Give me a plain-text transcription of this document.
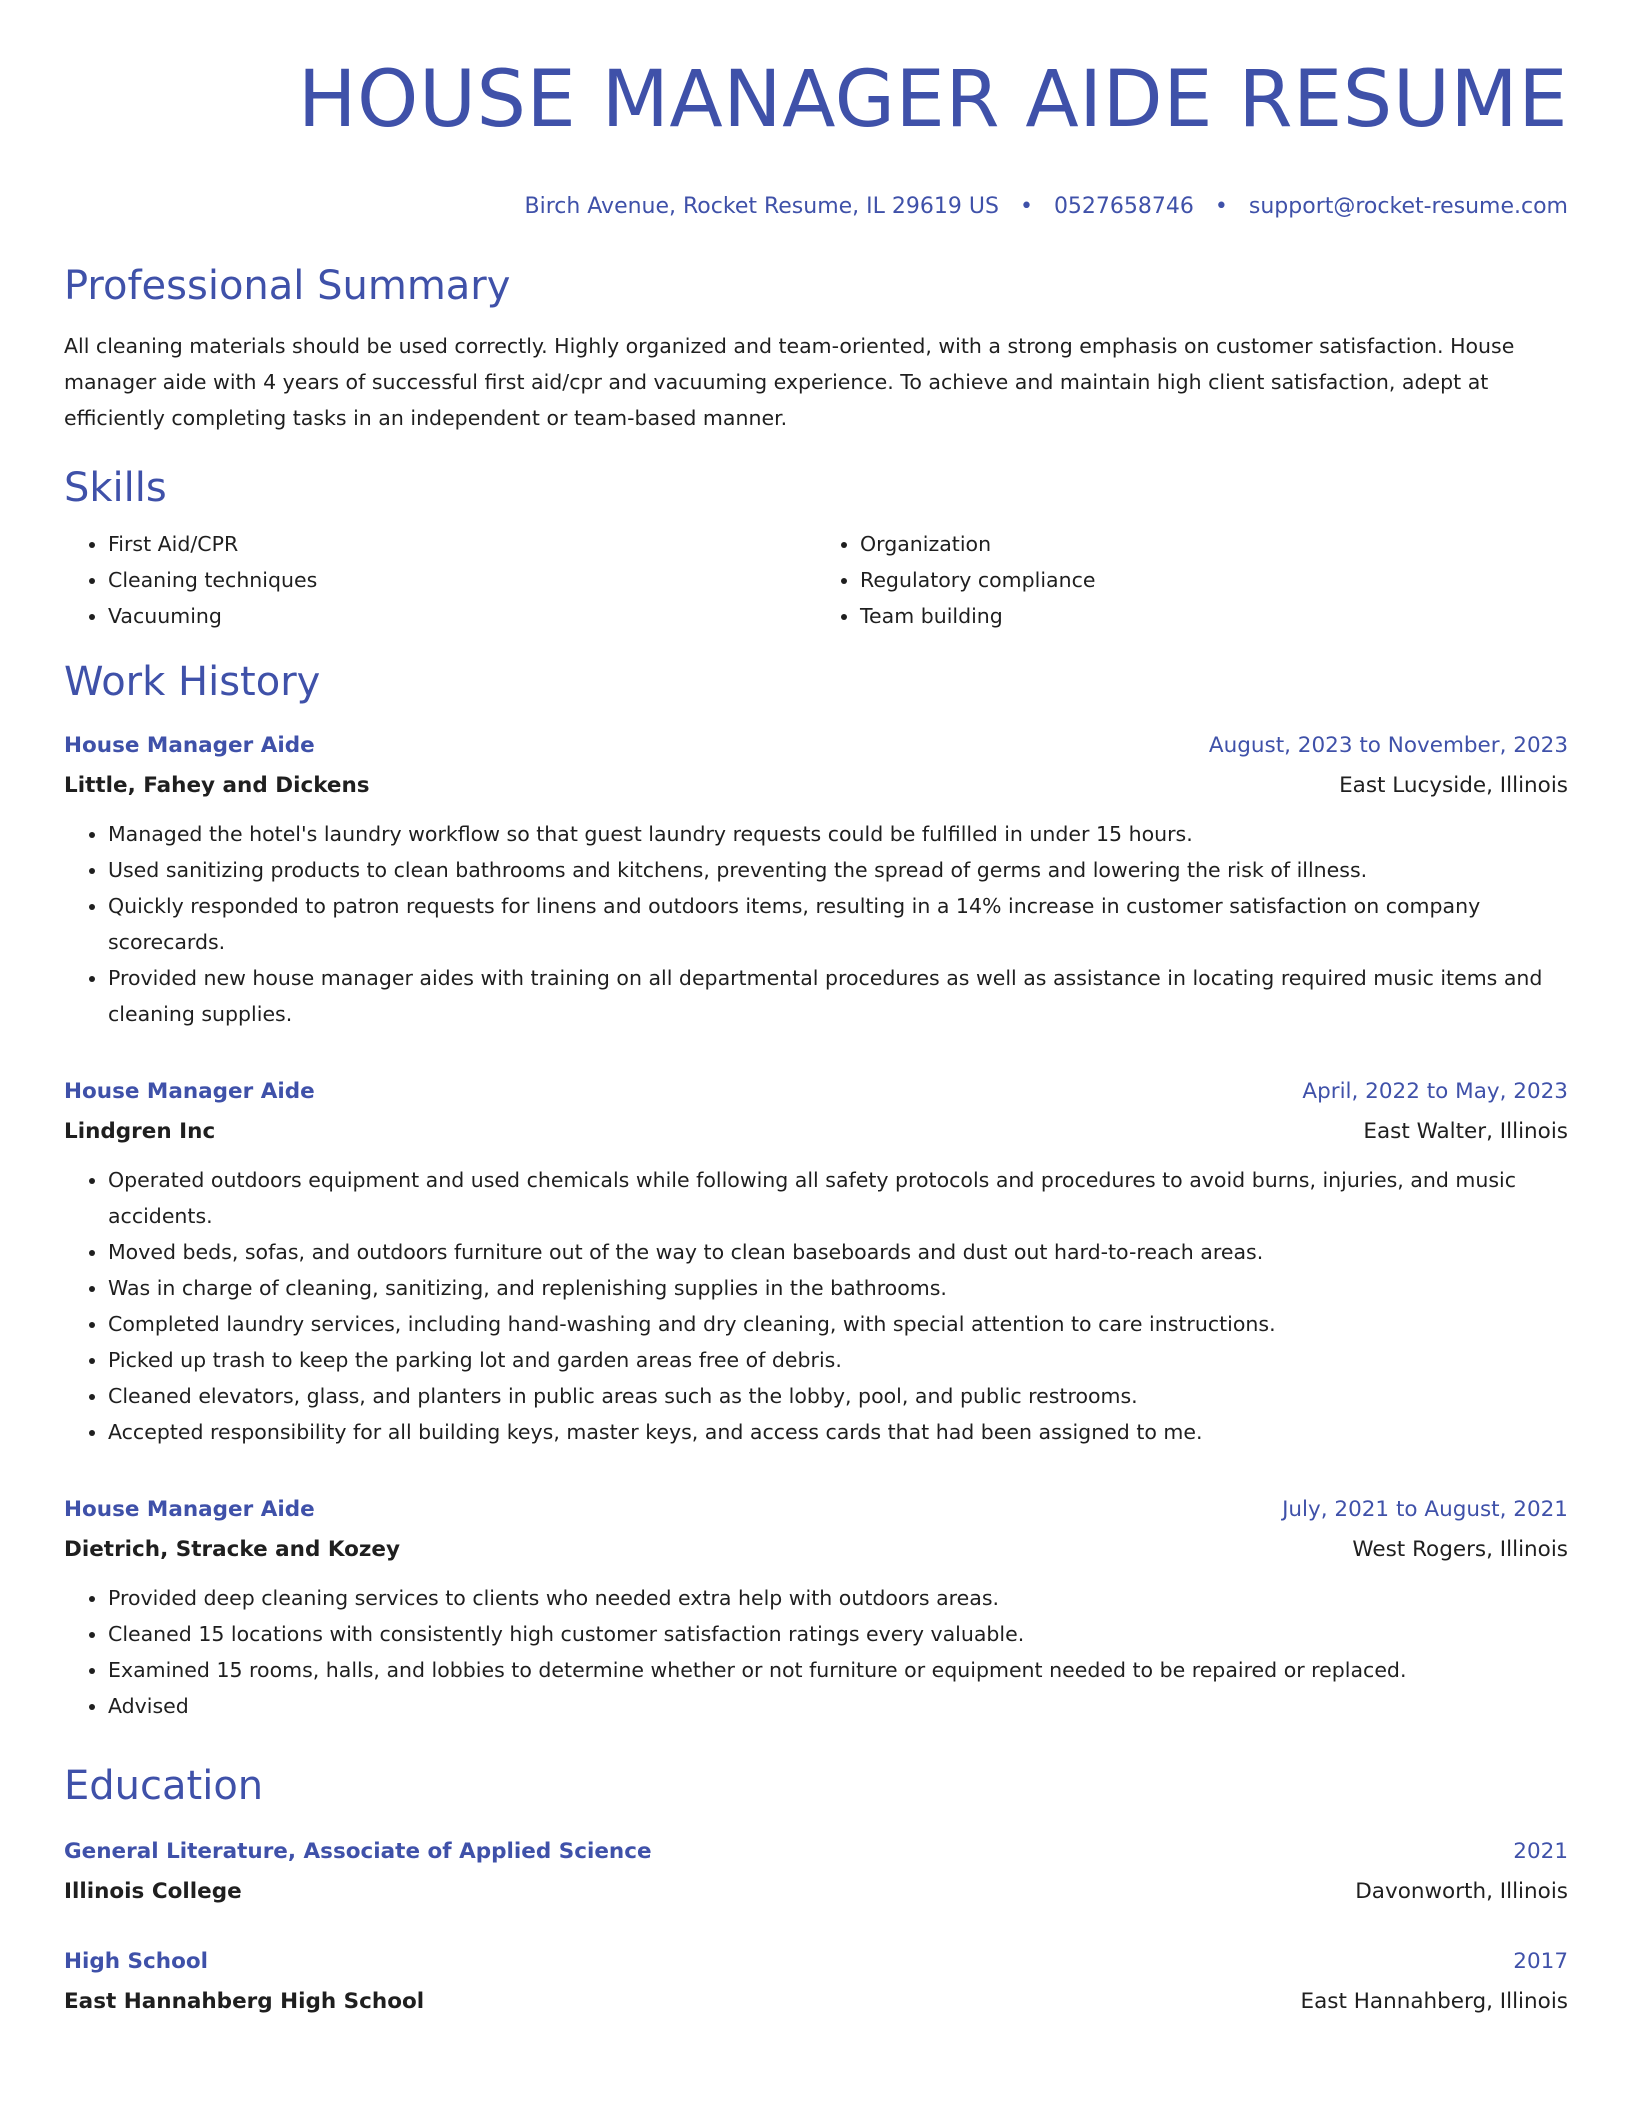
HOUSE MANAGER AIDE RESUME
Birch Avenue, Rocket Resume, IL 29619 US • 0527658746 • support@rocket-resume.com
Professional Summary
All cleaning materials should be used correctly. Highly organized and team-oriented, with a strong emphasis on customer satisfaction. House manager aide with 4 years of successful first aid/cpr and vacuuming experience. To achieve and maintain high client satisfaction, adept at efficiently completing tasks in an independent or team-based manner.
Skills
• First Aid/CPR
• Cleaning techniques
• Vacuuming
• Organization
• Regulatory compliance
• Team building
Work History
House Manager Aide	August, 2023 to November, 2023
Little, Fahey and Dickens	East Lucyside, Illinois
• Managed the hotel's laundry workflow so that guest laundry requests could be fulfilled in under 15 hours.
• Used sanitizing products to clean bathrooms and kitchens, preventing the spread of germs and lowering the risk of illness.
• Quickly responded to patron requests for linens and outdoors items, resulting in a 14% increase in customer satisfaction on company scorecards.
• Provided new house manager aides with training on all departmental procedures as well as assistance in locating required music items and cleaning supplies.
House Manager Aide	April, 2022 to May, 2023
Lindgren Inc	East Walter, Illinois
• Operated outdoors equipment and used chemicals while following all safety protocols and procedures to avoid burns, injuries, and music accidents.
• Moved beds, sofas, and outdoors furniture out of the way to clean baseboards and dust out hard-to-reach areas.
• Was in charge of cleaning, sanitizing, and replenishing supplies in the bathrooms.
• Completed laundry services, including hand-washing and dry cleaning, with special attention to care instructions.
• Picked up trash to keep the parking lot and garden areas free of debris.
• Cleaned elevators, glass, and planters in public areas such as the lobby, pool, and public restrooms.
• Accepted responsibility for all building keys, master keys, and access cards that had been assigned to me.
House Manager Aide	July, 2021 to August, 2021
Dietrich, Stracke and Kozey	West Rogers, Illinois
• Provided deep cleaning services to clients who needed extra help with outdoors areas.
• Cleaned 15 locations with consistently high customer satisfaction ratings every valuable.
• Examined 15 rooms, halls, and lobbies to determine whether or not furniture or equipment needed to be repaired or replaced.
• Advised
Education
General Literature, Associate of Applied Science	2021
Illinois College	Davonworth, Illinois
High School	2017
East Hannahberg High School	East Hannahberg, Illinois
